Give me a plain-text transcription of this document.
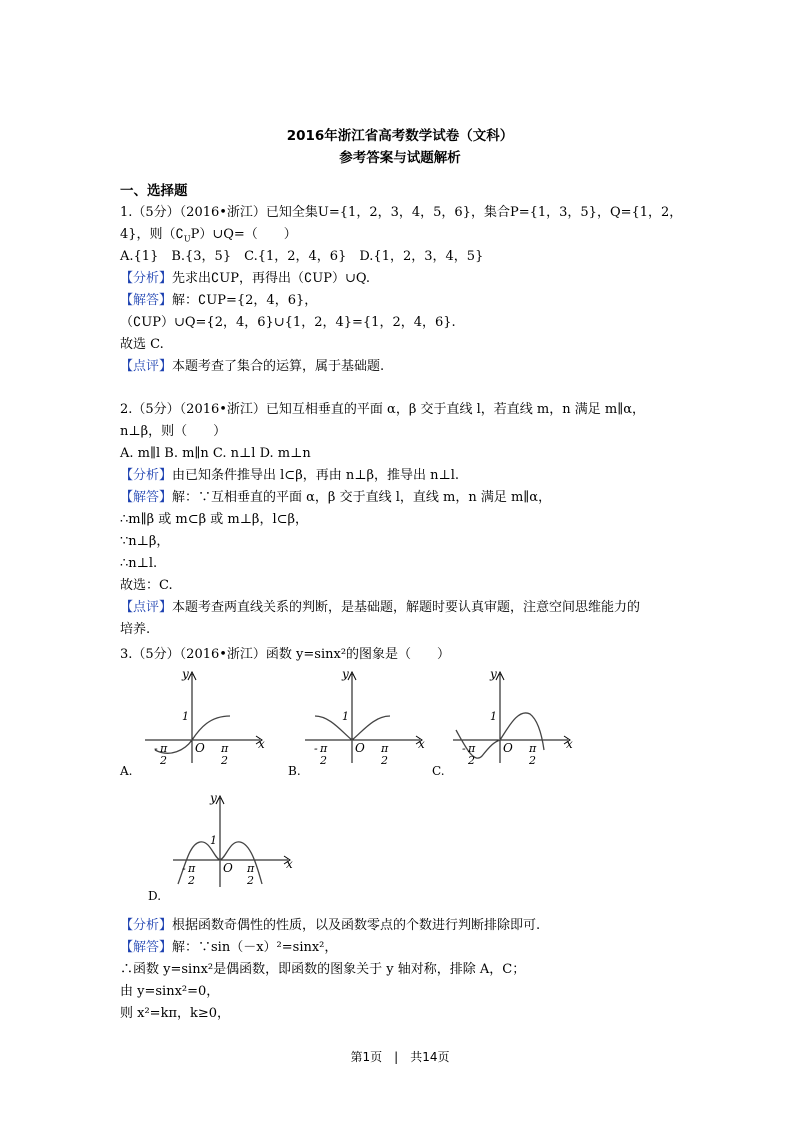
2016年浙江省高考数学试卷（文科）
参考答案与试题解析
一、选择题
1.（5分）（2016•浙江）已知全集U={1，2，3，4，5，6}，集合P={1，3，5}，Q={1，2，
4}，则$(∁_UP)\cup Q=$（　　）
A.{1}　B.{3，5}　C.{1，2，4，6}　D.{1，2，3，4，5}
【分析】先求出∁UP，再得出（∁UP）∪Q.
【解答】解：∁UP={2，4，6}，
（∁UP）∪Q={2，4，6}∪{1，2，4}={1，2，4，6}.
故选 C.
【点评】本题考查了集合的运算，属于基础题.
2.（5分）（2016•浙江）已知互相垂直的平面 α，β 交于直线 l，若直线 m，n 满足 m∥α，
n⊥β，则（　　）
A. m∥l B. m∥n C. n⊥l D. m⊥n
【分析】由已知条件推导出 l⊂β，再由 n⊥β，推导出 n⊥l.
【解答】解：∵互相垂直的平面 α，β 交于直线 l，直线 m，n 满足 m∥α，
∴m∥β 或 m⊂β 或 m⊥β，l⊂β，
∵n⊥β，
∴n⊥l.
故选：C.
【点评】本题考查两直线关系的判断，是基础题，解题时要认真审题，注意空间思维能力的
培养.
3.（5分）（2016•浙江）函数 y=sinx²的图象是（　　）
y
x
O
1
- π
2
π
2
A.
y
x
O
1
- π
2
π
2
B.
y
x
O
1
- π
2
π
2
C.
y
x
O
1
- π
2
π
2
D.
【分析】根据函数奇偶性的性质，以及函数零点的个数进行判断排除即可.
【解答】解：∵sin（－x）²=sinx²，
∴函数 y=sinx²是偶函数，即函数的图象关于 y 轴对称，排除 A，C；
由 y=sinx²=0，
则 x²=kπ，k≥0，
第1页　|　共14页
